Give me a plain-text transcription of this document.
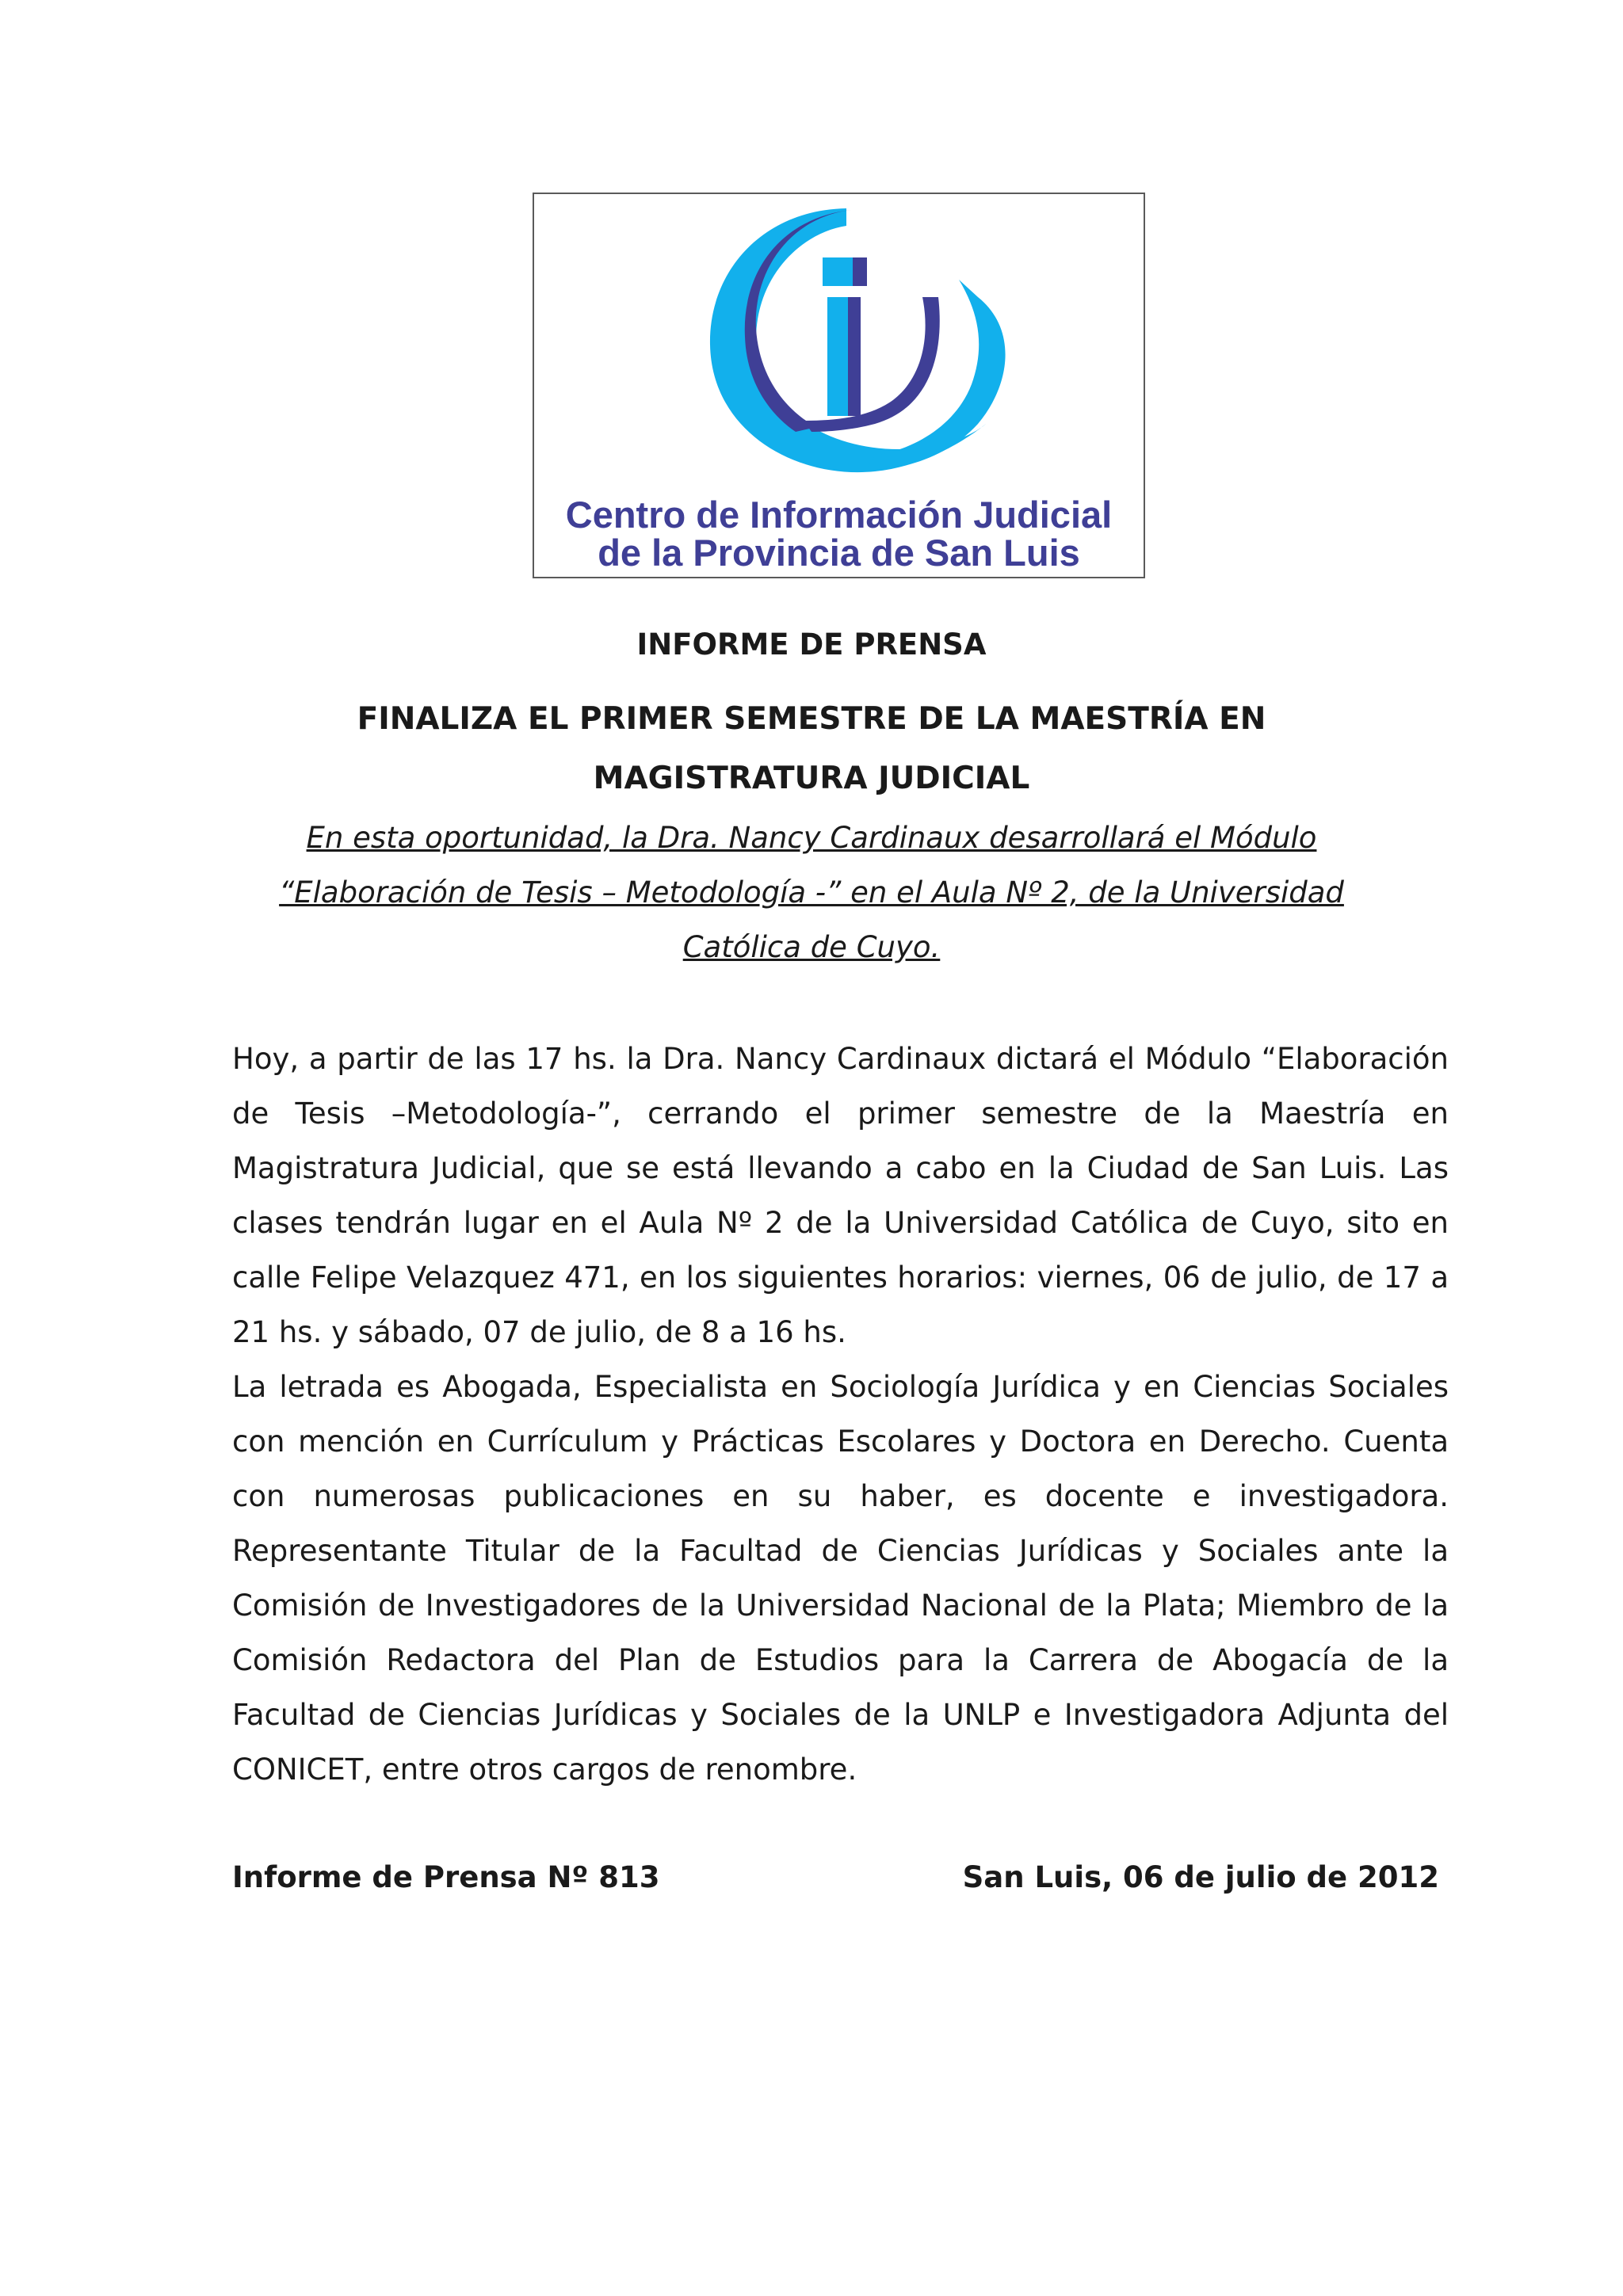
Centro de Información Judicial
de la Provincia de San Luis
INFORME DE PRENSA
FINALIZA EL PRIMER SEMESTRE DE LA MAESTRÍA EN
MAGISTRATURA JUDICIAL
En esta oportunidad, la Dra. Nancy Cardinaux desarrollará el Módulo
“Elaboración de Tesis – Metodología -” en el Aula Nº 2, de la Universidad
Católica de Cuyo.

Hoy, a partir de las 17 hs. la Dra. Nancy Cardinaux dictará el Módulo “Elaboración de Tesis –Metodología-”, cerrando el primer semestre de la Maestría en Magistratura Judicial, que se está llevando a cabo en la Ciudad de San Luis. Las clases tendrán lugar en el Aula Nº 2 de la Universidad Católica de Cuyo, sito en calle Felipe Velazquez 471, en los siguientes horarios: viernes, 06 de julio, de 17 a 21 hs. y sábado, 07 de julio, de 8 a 16 hs.

La letrada es Abogada, Especialista en Sociología Jurídica y en Ciencias Sociales con mención en Currículum y Prácticas Escolares y Doctora en Derecho. Cuenta con numerosas publicaciones en su haber, es docente e investigadora. Representante Titular de la Facultad de Ciencias Jurídicas y Sociales ante la Comisión de Investigadores de la Universidad Nacional de la Plata; Miembro de la Comisión Redactora del Plan de Estudios para la Carrera de Abogacía de la Facultad de Ciencias Jurídicas y Sociales de la UNLP e Investigadora Adjunta del CONICET, entre otros cargos de renombre.

Informe de Prensa Nº 813	San Luis, 06 de julio de 2012
